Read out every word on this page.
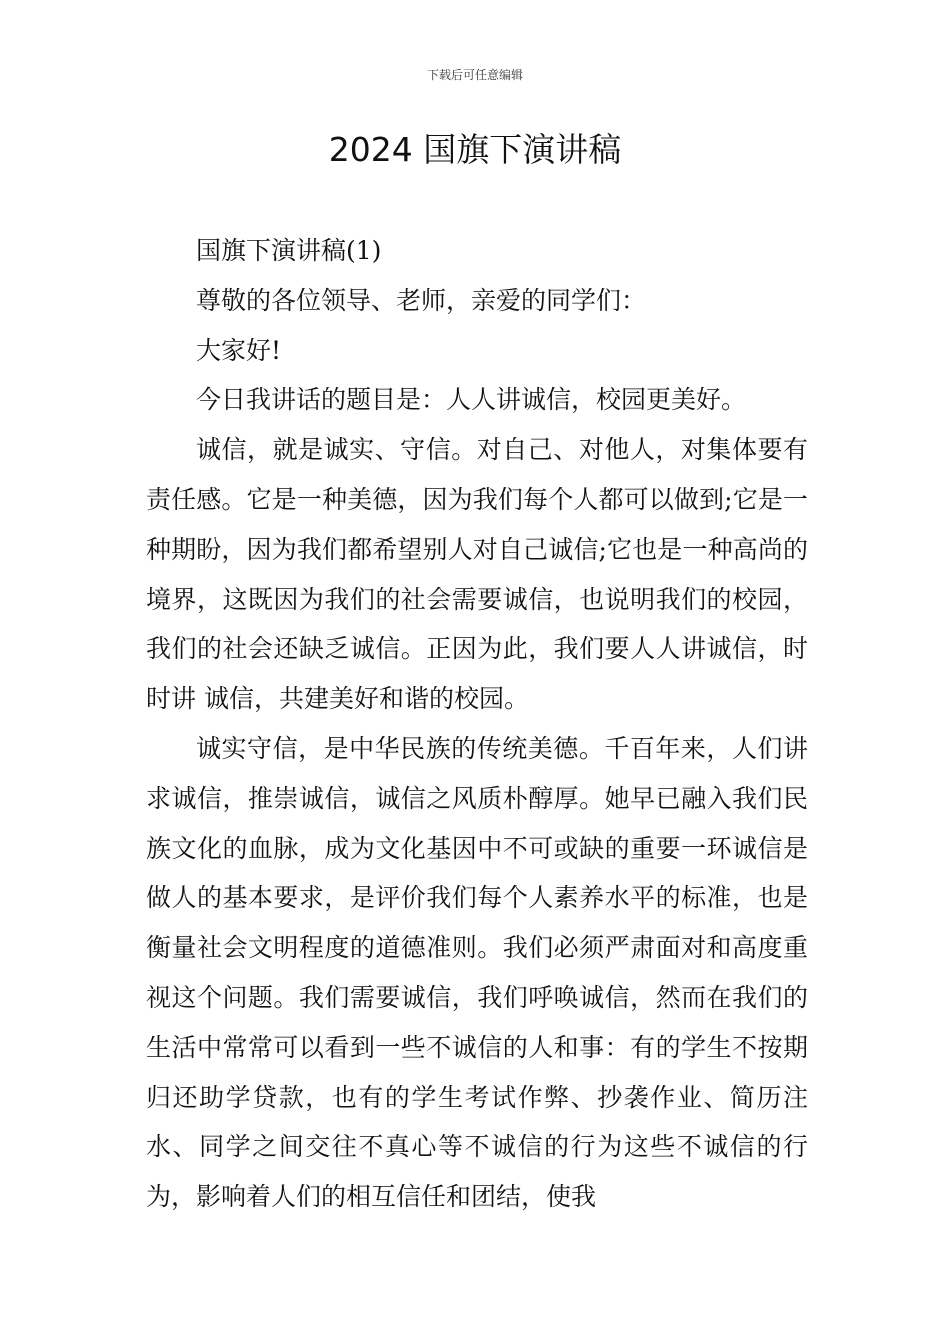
下载后可任意编辑
2024 国旗下演讲稿

国旗下演讲稿(1)

尊敬的各位领导、老师，亲爱的同学们：

大家好!

今日我讲话的题目是：人人讲诚信，校园更美好。

诚信，就是诚实、守信。对自己、对他人，对集体要有责任感。它是一种美德，因为我们每个人都可以做到;它是一种期盼，因为我们都希望别人对自己诚信;它也是一种高尚的境界，这既因为我们的社会需要诚信，也说明我们的校园，我们的社会还缺乏诚信。正因为此，我们要人人讲诚信，时时讲 诚信，共建美好和谐的校园。

诚实守信，是中华民族的传统美德。千百年来，人们讲求诚信，推崇诚信，诚信之风质朴醇厚。她早已融入我们民族文化的血脉，成为文化基因中不可或缺的重要一环诚信是做人的基本要求，是评价我们每个人素养水平的标准，也是衡量社会文明程度的道德准则。我们必须严肃面对和高度重视这个问题。我们需要诚信，我们呼唤诚信，然而在我们的生活中常常可以看到一些不诚信的人和事：有的学生不按期归还助学贷款，也有的学生考试作弊、抄袭作业、简历注水、同学之间交往不真心等不诚信的行为这些不诚信的行为，影响着人们的相互信任和团结，使我
